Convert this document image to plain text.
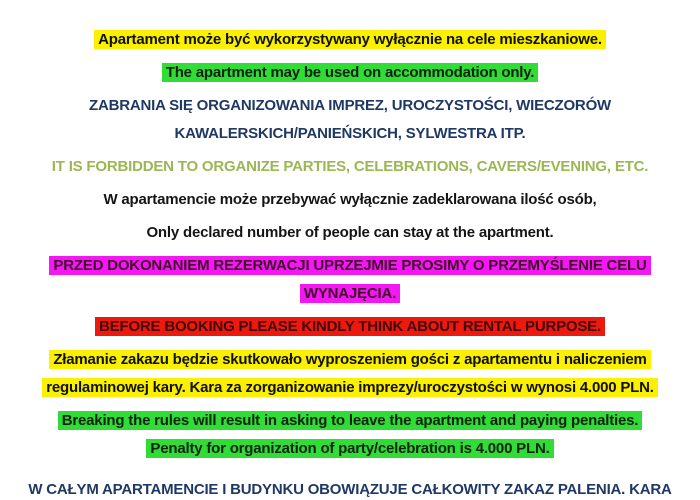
Apartament może być wykorzystywany wyłącznie na cele mieszkaniowe.
The apartment may be used on accommodation only.
ZABRANIA SIĘ ORGANIZOWANIA IMPREZ, UROCZYSTOŚCI, WIECZORÓW
KAWALERSKICH/PANIEŃSKICH, SYLWESTRA ITP.
IT IS FORBIDDEN TO ORGANIZE PARTIES, CELEBRATIONS, CAVERS/EVENING, ETC.
W apartamencie może przebywać wyłącznie zadeklarowana ilość osób,
Only declared number of people can stay at the apartment.
PRZED DOKONANIEM REZERWACJI UPRZEJMIE PROSIMY O PRZEMYŚLENIE CELU
WYNAJĘCIA.
BEFORE BOOKING PLEASE KINDLY THINK ABOUT RENTAL PURPOSE.
Złamanie zakazu będzie skutkowało wyproszeniem gości z apartamentu i naliczeniem
regulaminowej kary. Kara za zorganizowanie imprezy/uroczystości w wynosi 4.000 PLN.
Breaking the rules will result in asking to leave the apartment and paying penalties.
Penalty for organization of party/celebration is 4.000 PLN.
W CAŁYM APARTAMENCIE I BUDYNKU OBOWIĄZUJE CAŁKOWITY ZAKAZ PALENIA. KARA
